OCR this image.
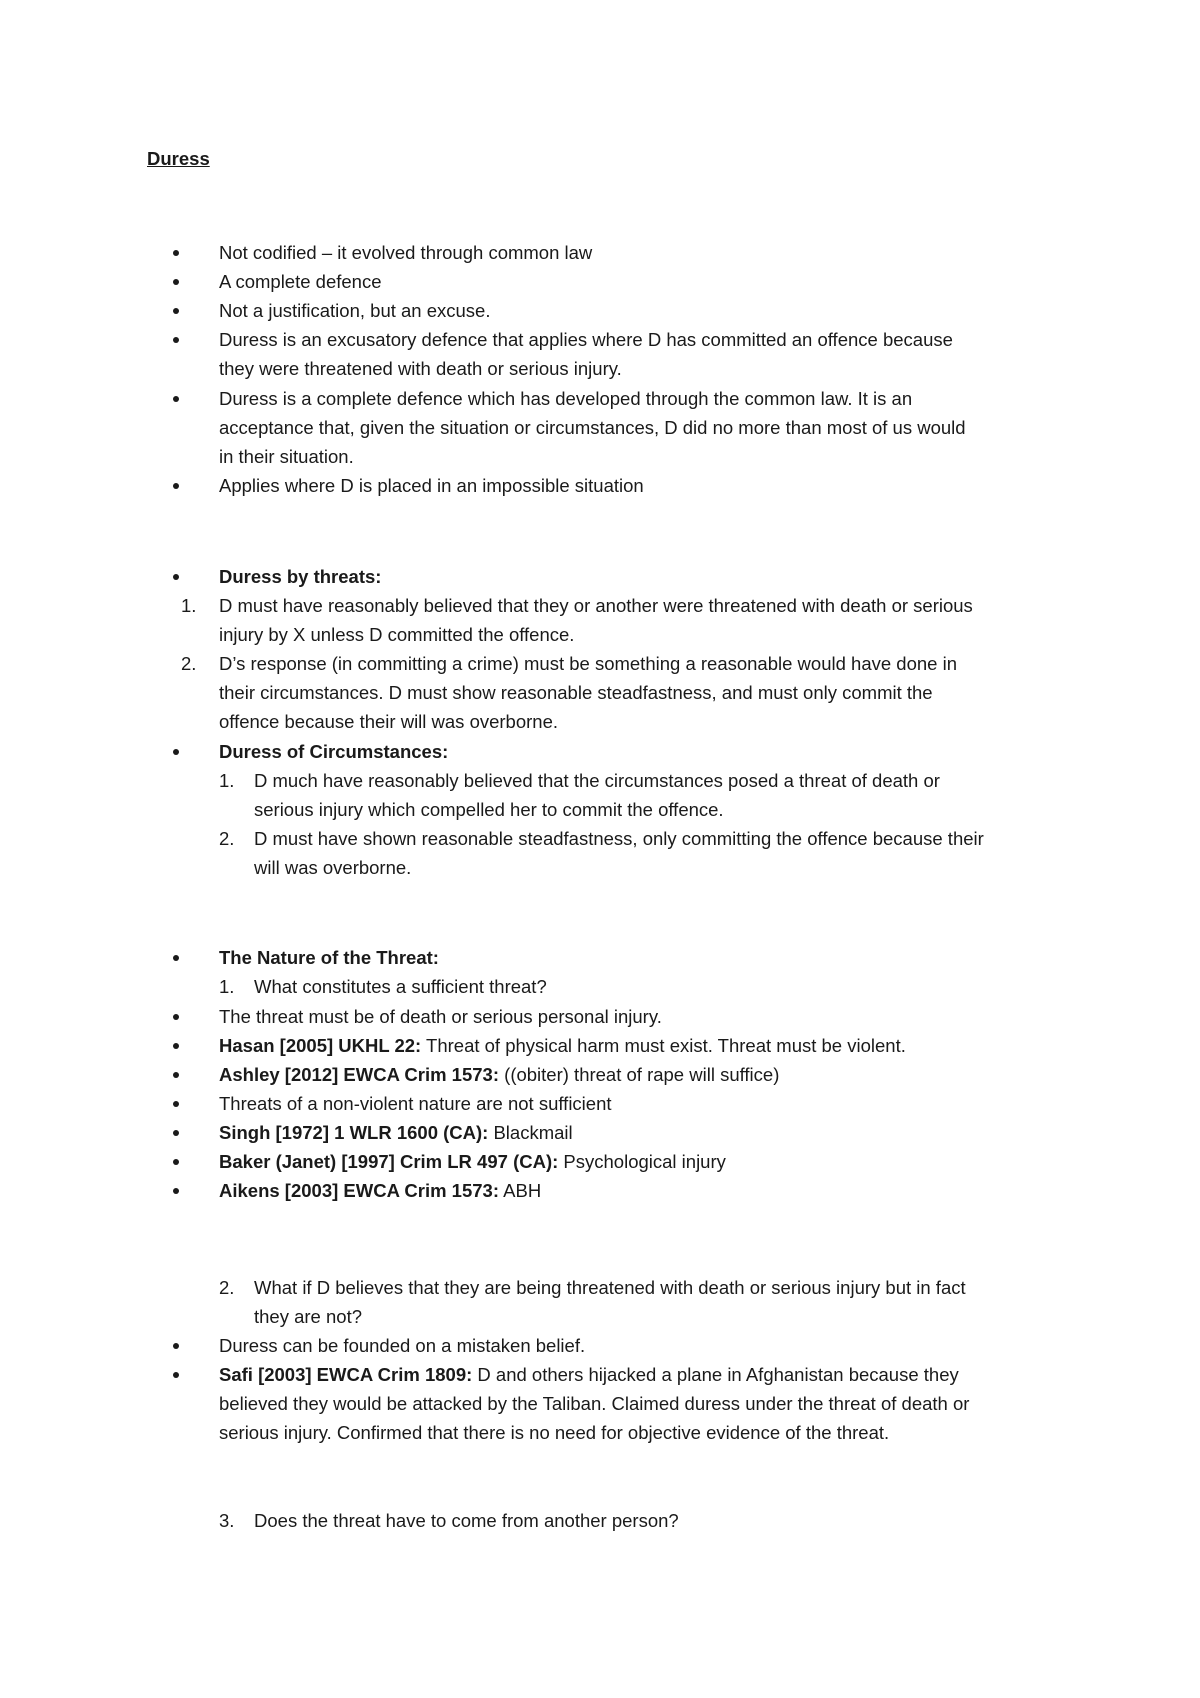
Duress
Not codified – it evolved through common law
A complete defence
Not a justification, but an excuse.
Duress is an excusatory defence that applies where D has committed an offence because
they were threatened with death or serious injury.
Duress is a complete defence which has developed through the common law. It is an
acceptance that, given the situation or circumstances, D did no more than most of us would
in their situation.
Applies where D is placed in an impossible situation
Duress by threats:
1. D must have reasonably believed that they or another were threatened with death or serious
injury by X unless D committed the offence.
2. D’s response (in committing a crime) must be something a reasonable would have done in
their circumstances. D must show reasonable steadfastness, and must only commit the
offence because their will was overborne.
Duress of Circumstances:
1. D much have reasonably believed that the circumstances posed a threat of death or
serious injury which compelled her to commit the offence.
2. D must have shown reasonable steadfastness, only committing the offence because their
will was overborne.
The Nature of the Threat:
1. What constitutes a sufficient threat?
The threat must be of death or serious personal injury.
Hasan [2005] UKHL 22: Threat of physical harm must exist. Threat must be violent.
Ashley [2012] EWCA Crim 1573: ((obiter) threat of rape will suffice)
Threats of a non-violent nature are not sufficient
Singh [1972] 1 WLR 1600 (CA): Blackmail
Baker (Janet) [1997] Crim LR 497 (CA): Psychological injury
Aikens [2003] EWCA Crim 1573: ABH
2. What if D believes that they are being threatened with death or serious injury but in fact
they are not?
Duress can be founded on a mistaken belief.
Safi [2003] EWCA Crim 1809: D and others hijacked a plane in Afghanistan because they
believed they would be attacked by the Taliban. Claimed duress under the threat of death or
serious injury. Confirmed that there is no need for objective evidence of the threat.
3. Does the threat have to come from another person?
